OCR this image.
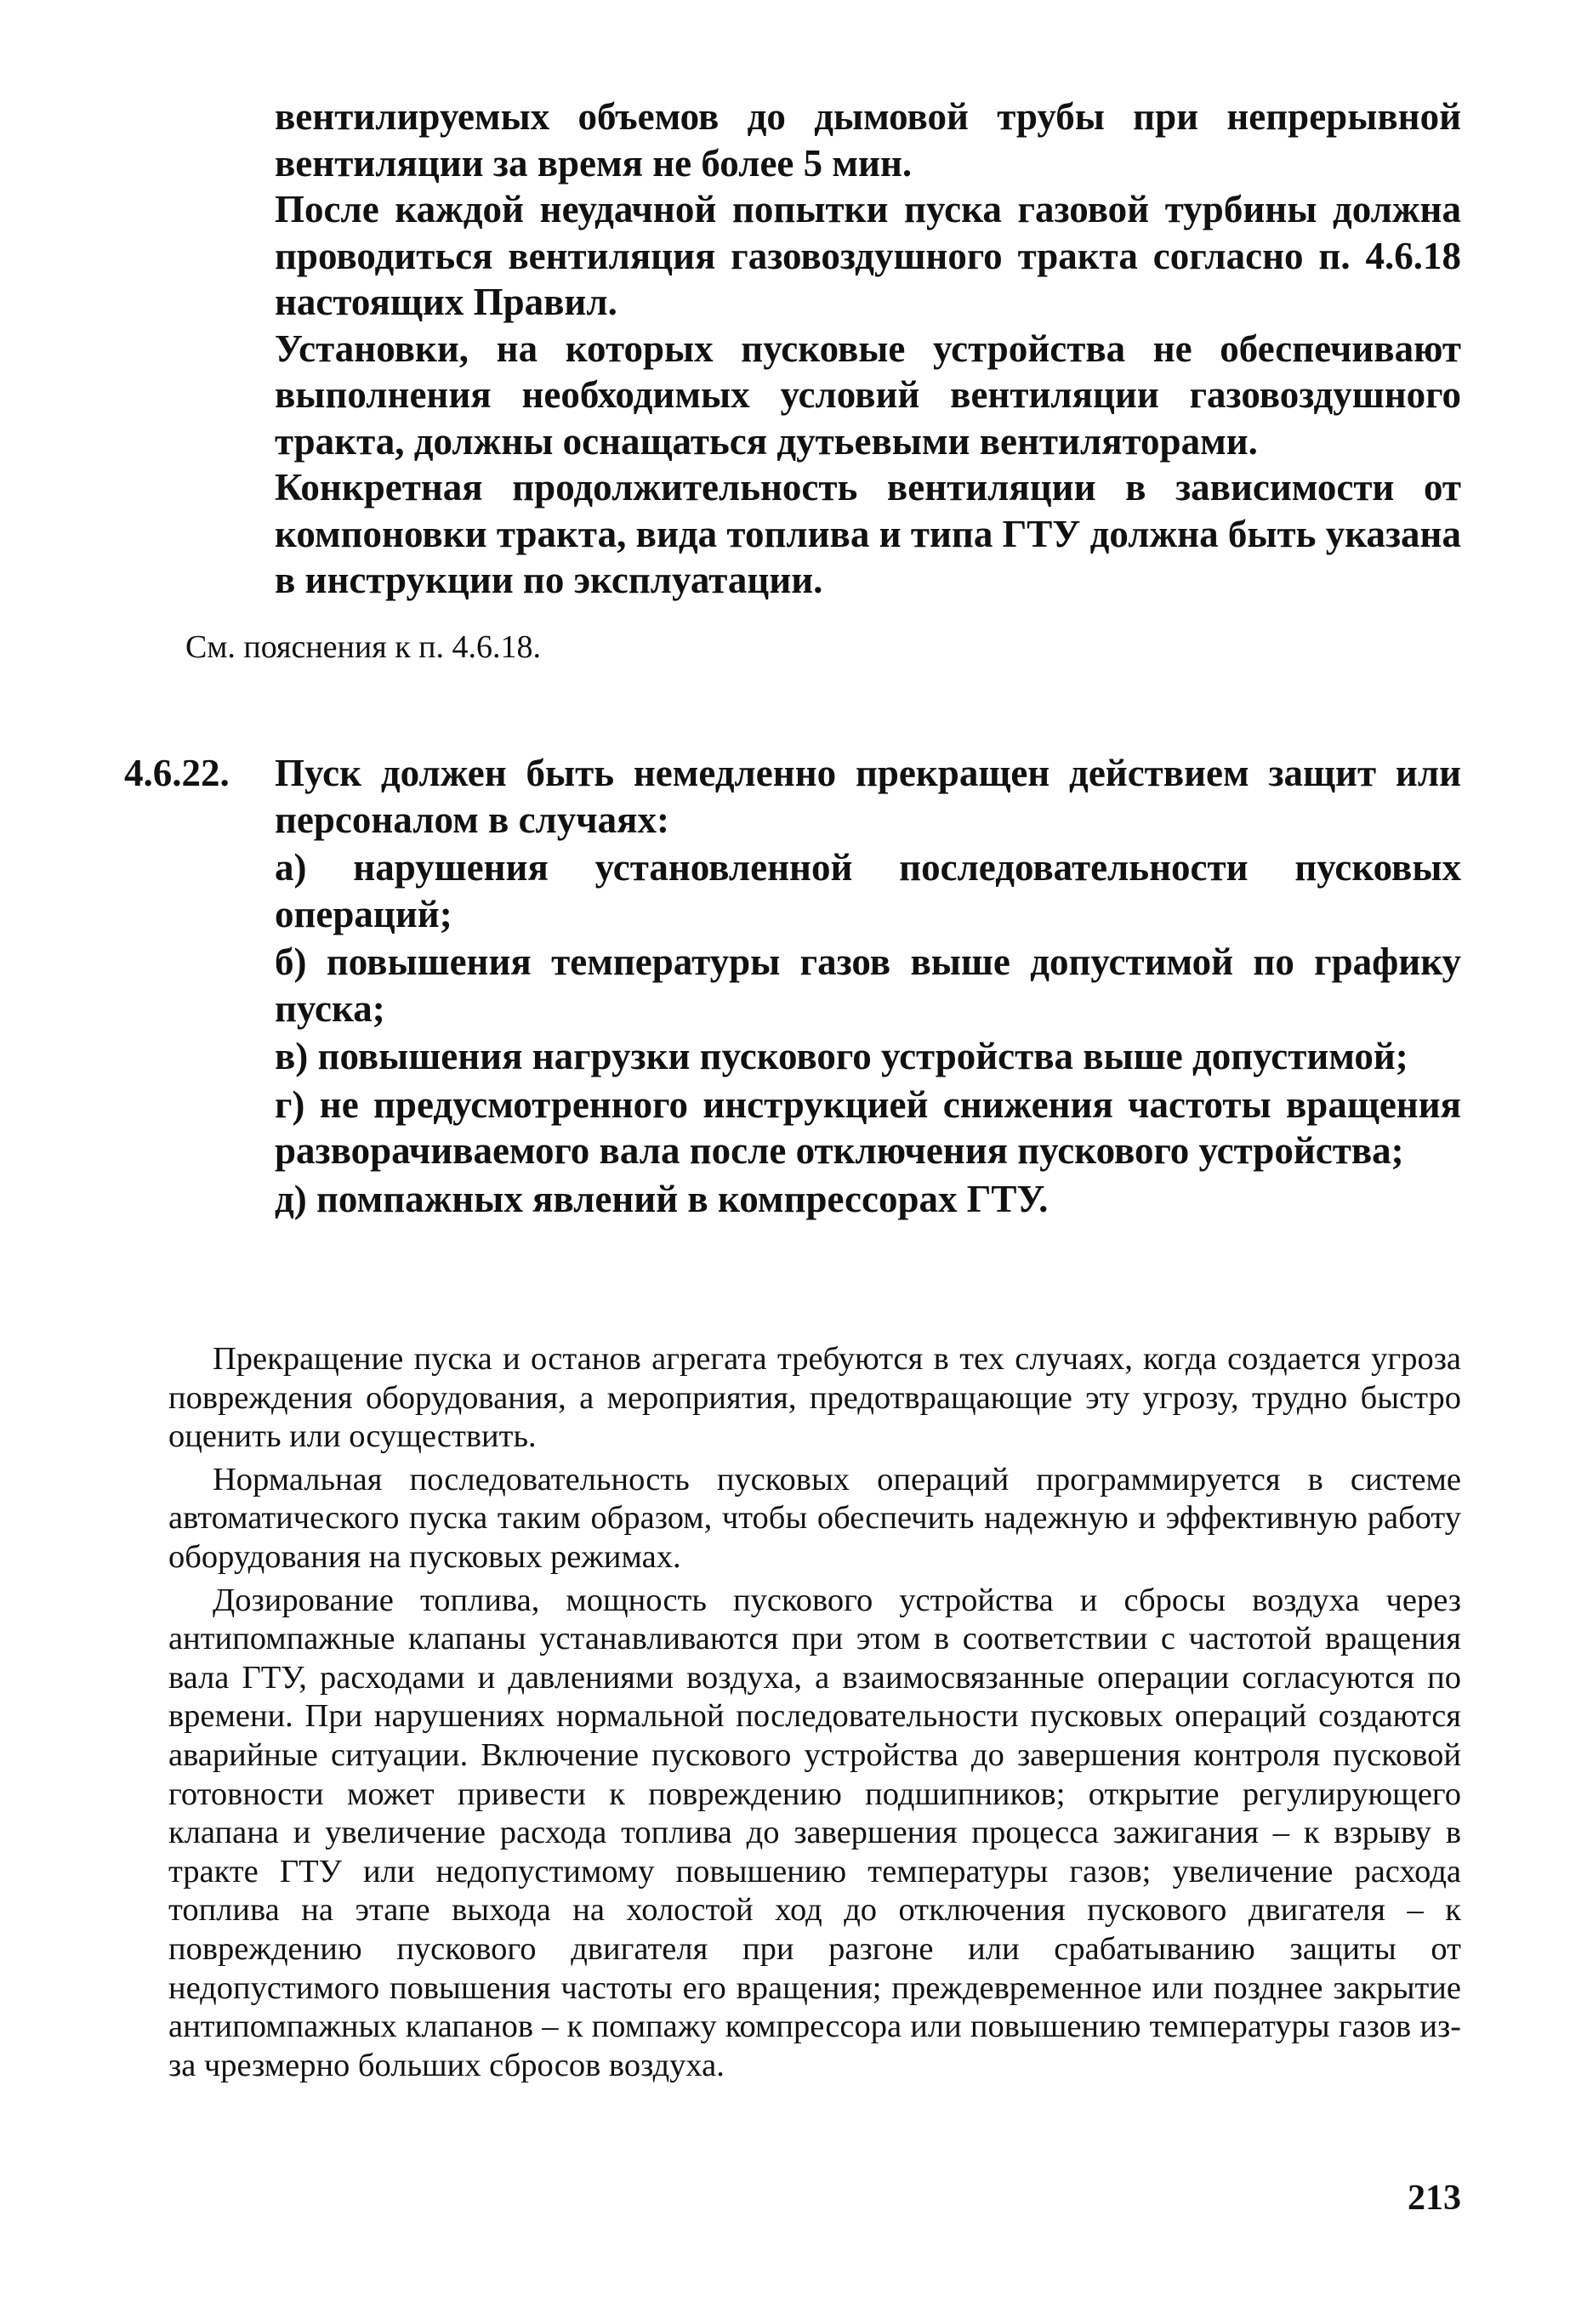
вентилируемых объемов до дымовой трубы при непрерывной вентиляции за время не более 5 мин.

После каждой неудачной попытки пуска газовой турбины должна проводиться вентиляция газовоздушного тракта согласно п. 4.6.18 настоящих Правил.

Установки, на которых пусковые устройства не обеспечивают выполнения необходимых условий вентиляции газовоздушного тракта, должны оснащаться дутьевыми вентиляторами.

Конкретная продолжительность вентиляции в зависимости от компоновки тракта, вида топлива и типа ГТУ должна быть указана в инструкции по эксплуатации.

См. пояснения к п. 4.6.18.
4.6.22. Пуск должен быть немедленно прекращен действием защит или персоналом в случаях:

а) нарушения установленной последовательности пусковых операций;

б) повышения температуры газов выше допустимой по графику пуска;

в) повышения нагрузки пускового устройства выше допустимой;

г) не предусмотренного инструкцией снижения частоты вращения разворачиваемого вала после отключения пускового устройства;

д) помпажных явлений в компрессорах ГТУ.

Прекращение пуска и останов агрегата требуются в тех случаях, когда создается угроза повреждения оборудования, а мероприятия, предотвращающие эту угрозу, трудно быстро оценить или осуществить.

Нормальная последовательность пусковых операций программируется в системе автоматического пуска таким образом, чтобы обеспечить надежную и эффективную работу оборудования на пусковых режимах.

Дозирование топлива, мощность пускового устройства и сбросы воздуха через антипомпажные клапаны устанавливаются при этом в соответствии с частотой вращения вала ГТУ, расходами и давлениями воздуха, а взаимосвязанные операции согласуются по времени. При нарушениях нормальной последовательности пусковых операций создаются аварийные ситуации. Включение пускового устройства до завершения контроля пусковой готовности может привести к повреждению подшипников; открытие регулирующего клапана и увеличение расхода топлива до завершения процесса зажигания – к взрыву в тракте ГТУ или недопустимому повышению температуры газов; увеличение расхода топлива на этапе выхода на холостой ход до отключения пускового двигателя – к повреждению пускового двигателя при разгоне или срабатыванию защиты от недопустимого повышения частоты его вращения; преждевременное или позднее закрытие антипомпажных клапанов – к помпажу компрессора или повышению температуры газов из-за чрезмерно больших сбросов воздуха.

213
